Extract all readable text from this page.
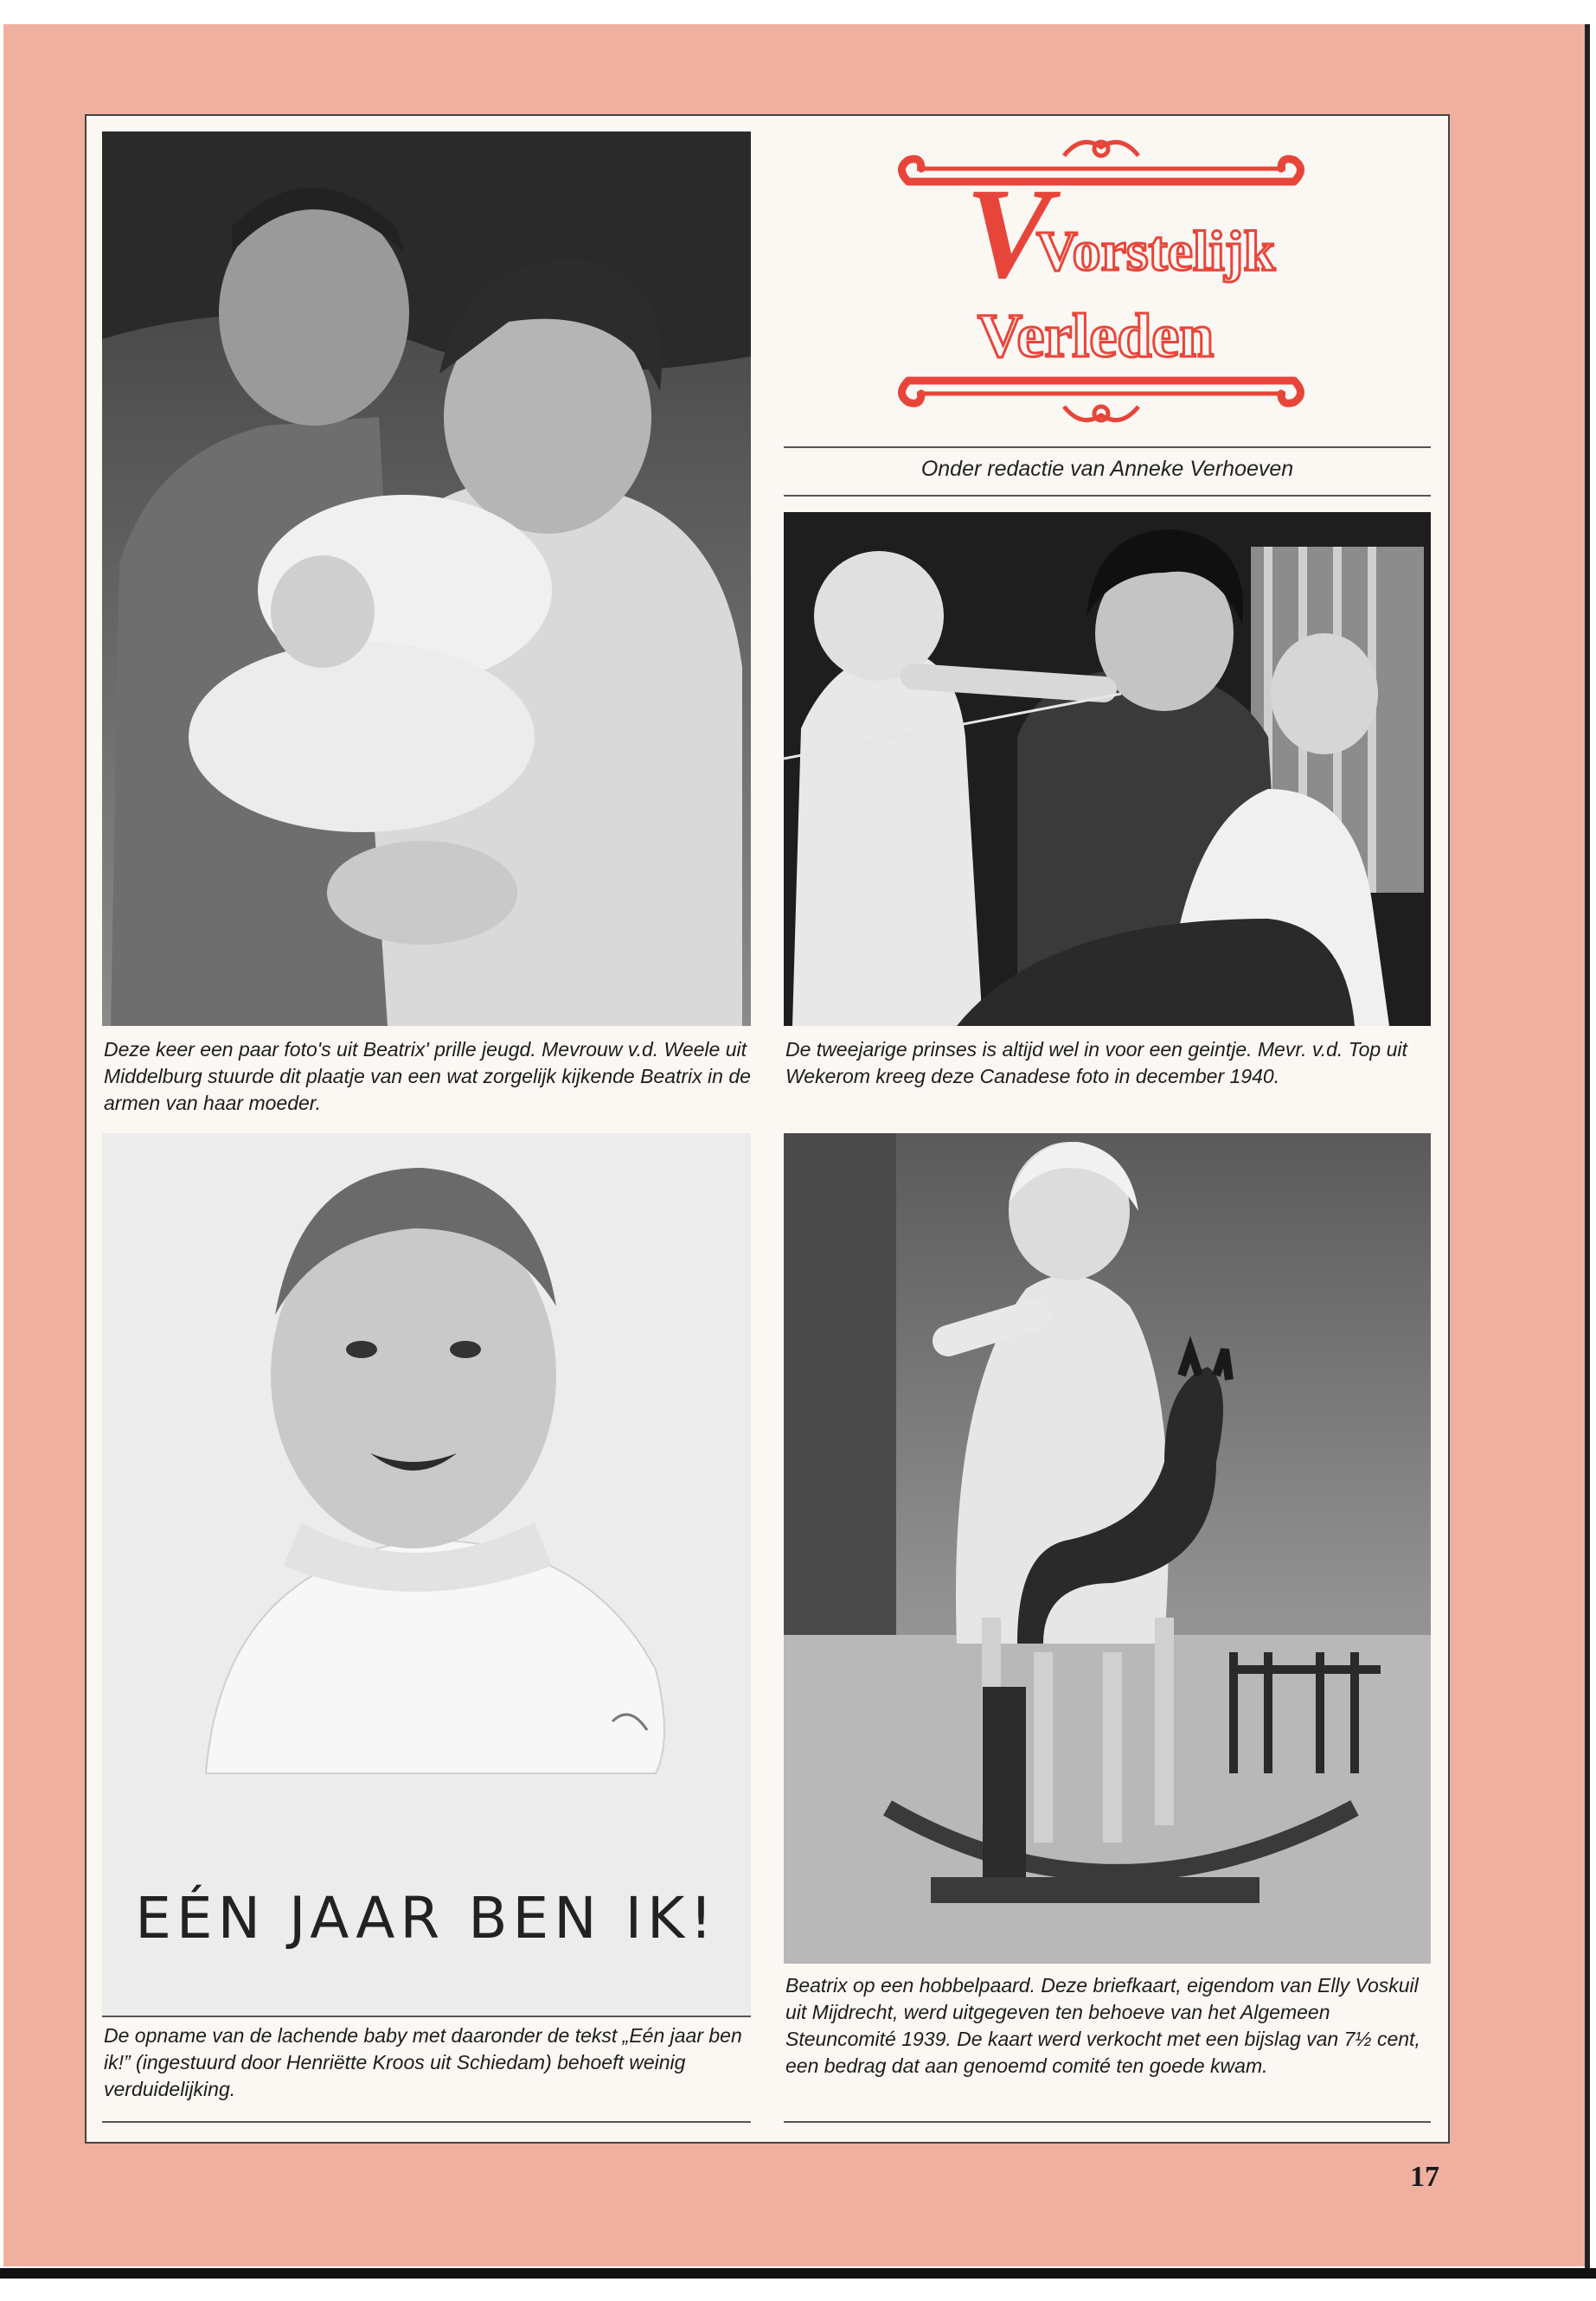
Deze keer een paar foto's uit Beatrix' prille jeugd. Mevrouw v.d. Weele uit Middelburg stuurde dit plaatje van een wat zorgelijk kijkende Beatrix in de armen van haar moeder.

V
Vorstelijk
Verleden
Onder redactie van Anneke Verhoeven

De tweejarige prinses is altijd wel in voor een geintje. Mevr. v.d. Top uit Wekerom kreeg deze Canadese foto in december 1940.

EÉN JAAR BEN IK!

De opname van de lachende baby met daaronder de tekst „Eén jaar ben ik!” (ingestuurd door Henriëtte Kroos uit Schiedam) behoeft weinig verduidelijking.

Beatrix op een hobbelpaard. Deze briefkaart, eigendom van Elly Voskuil uit Mijdrecht, werd uitgegeven ten behoeve van het Algemeen Steuncomité 1939. De kaart werd verkocht met een bijslag van 7½ cent, een bedrag dat aan genoemd comité ten goede kwam.

17
